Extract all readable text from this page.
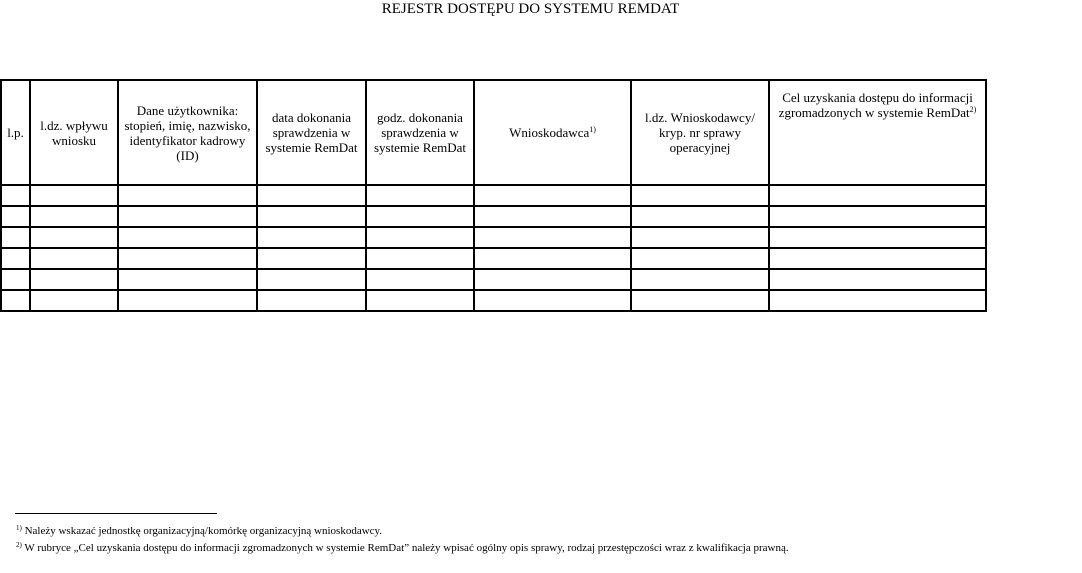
REJESTR DOSTĘPU DO SYSTEMU REMDAT
l.p.	l.dz. wpływu wniosku	Dane użytkownika: stopień, imię, nazwisko, identyfikator kadrowy (ID)	data dokonania sprawdzenia w systemie RemDat	godz. dokonania sprawdzenia w systemie RemDat	Wnioskodawca$^{1)}$	l.dz. Wnioskodawcy/ kryp. nr sprawy operacyjnej	Cel uzyskania dostępu do informacji zgromadzonych w systemie RemDat$^{2)}$

$^{1)}$ Należy wskazać jednostkę organizacyjną/komórkę organizacyjną wnioskodawcy.
$^{2)}$ W rubryce „Cel uzyskania dostępu do informacji zgromadzonych w systemie RemDat” należy wpisać ogólny opis sprawy, rodzaj przestępczości wraz z kwalifikacja prawną.
